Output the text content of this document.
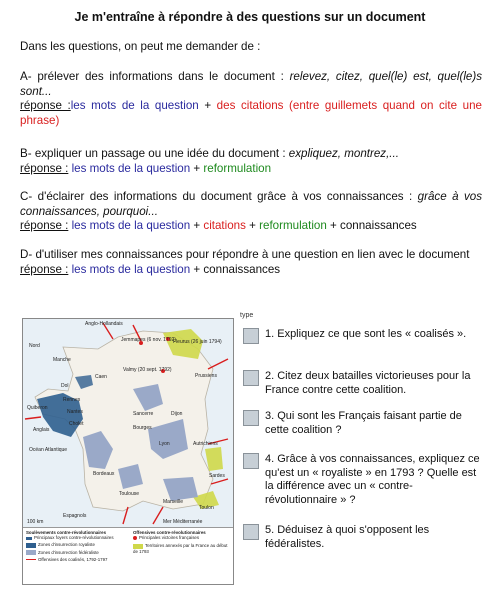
Je m'entraîne à répondre à des questions sur un document
Dans les questions, on peut me demander de :
A- prélever des informations dans le document : relevez, citez, quel(le) est, quel(le)s sont...
réponse :les mots de la question + des citations (entre guillemets quand on cite une phrase)
B- expliquer un passage ou une idée du document : expliquez, montrez,...
réponse : les mots de la question + reformulation
C- d'éclairer des informations du document grâce à vos connaissances : grâce à vos connaissances, pourquoi...
réponse : les mots de la question + citations + reformulation + connaissances
D- d'utiliser mes connaissances pour répondre à une question en lien avec le document
réponse : les mots de la question + connaissances
Anglo-Hollandais
Jemmapes (6 nov. 1792)
Fleurus (26 juin 1794)
Nord
Manche
Caen
Valmy (20 sept. 1792)
Prussiens
Dol
Rennes
Quiberon
Nantes
Cholet
Anglais
Sancerre
Bourges
Dijon
Océan Atlantique
Lyon	Autrichiens
Bordeaux	Sardes
Toulouse
Marseille
Toulon
Espagnols
Mer Méditerranée
100 km
Soulèvements contre-révolutionnaires
Principaux foyers contre-révolutionnaires
Zones d'insurrection royaliste
Zones d'insurrection fédéraliste
Offensives des coalisés, 1792-1797
Offensives contre-révolutionnaires
Principales victoires françaises
Territoires annexés par la France au début de 1793
type
1. Expliquez ce que sont les « coalisés ».
2. Citez deux batailles victorieuses pour la France contre cette coalition.
3. Qui sont les Français faisant partie de cette coalition ?
4. Grâce à vos connaissances, expliquez ce qu'est un « royaliste » en 1793 ? Quelle est la différence avec un « contre-révolutionnaire » ?
5. Déduisez à quoi s'opposent les fédéralistes.
